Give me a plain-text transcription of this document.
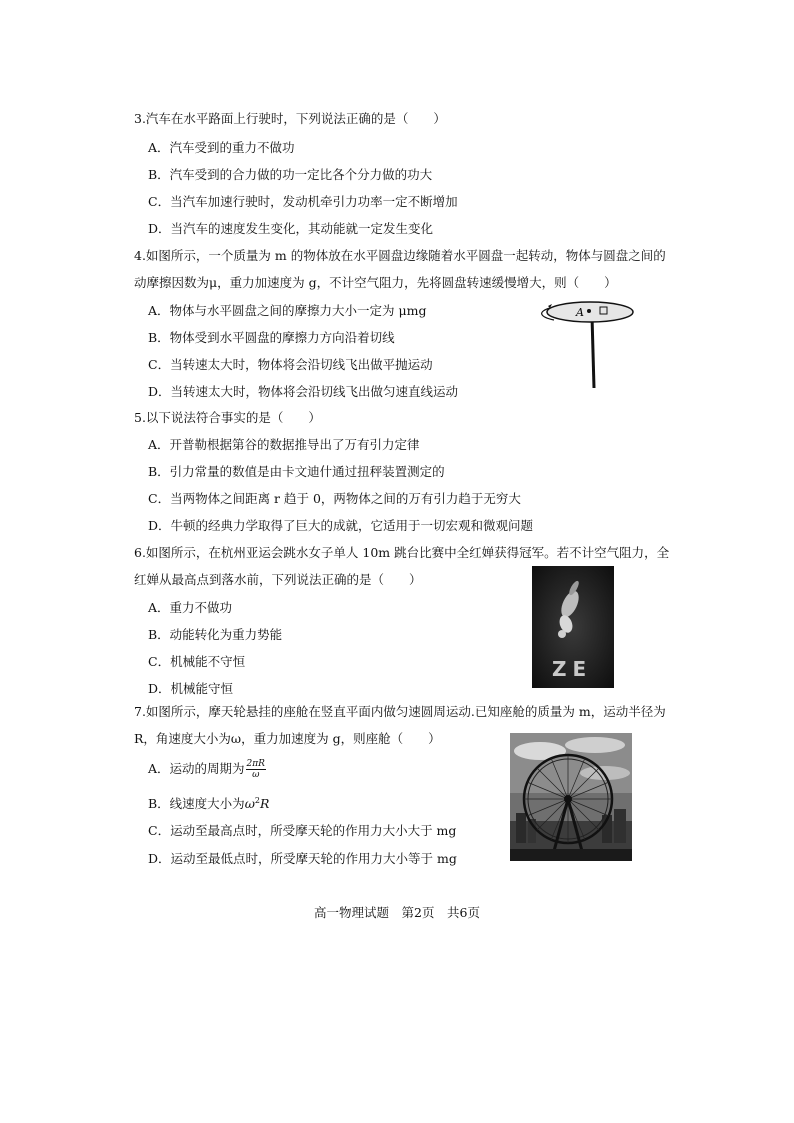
3.汽车在水平路面上行驶时，下列说法正确的是（　　）
A．汽车受到的重力不做功
B．汽车受到的合力做的功一定比各个分力做的功大
C．当汽车加速行驶时，发动机牵引力功率一定不断增加
D．当汽车的速度发生变化，其动能就一定发生变化
4.如图所示，一个质量为 m 的物体放在水平圆盘边缘随着水平圆盘一起转动，物体与圆盘之间的
动摩擦因数为μ，重力加速度为 g，不计空气阻力，先将圆盘转速缓慢增大，则（　　）
A．物体与水平圆盘之间的摩擦力大小一定为 μmg
B．物体受到水平圆盘的摩擦力方向沿着切线
C．当转速太大时，物体将会沿切线飞出做平抛运动
D．当转速太大时，物体将会沿切线飞出做匀速直线运动
A
5.以下说法符合事实的是（　　）
A．开普勒根据第谷的数据推导出了万有引力定律
B．引力常量的数值是由卡文迪什通过扭秤装置测定的
C．当两物体之间距离 r 趋于 0，两物体之间的万有引力趋于无穷大
D．牛顿的经典力学取得了巨大的成就，它适用于一切宏观和微观问题
6.如图所示，在杭州亚运会跳水女子单人 10m 跳台比赛中全红婵获得冠军。若不计空气阻力，全
红婵从最高点到落水前，下列说法正确的是（　　）
A．重力不做功
B．动能转化为重力势能
C．机械能不守恒
D．机械能守恒
ZE
7.如图所示，摩天轮悬挂的座舱在竖直平面内做匀速圆周运动.已知座舱的质量为 m，运动半径为
R，角速度大小为ω，重力加速度为 g，则座舱（　　）
A．运动的周期为 $\frac{2\pi R}{\omega}$
B．线速度大小为$\omega^2R$
C．运动至最高点时，所受摩天轮的作用力大小大于 mg
D．运动至最低点时，所受摩天轮的作用力大小等于 mg
高一物理试题　第2页　共6页
